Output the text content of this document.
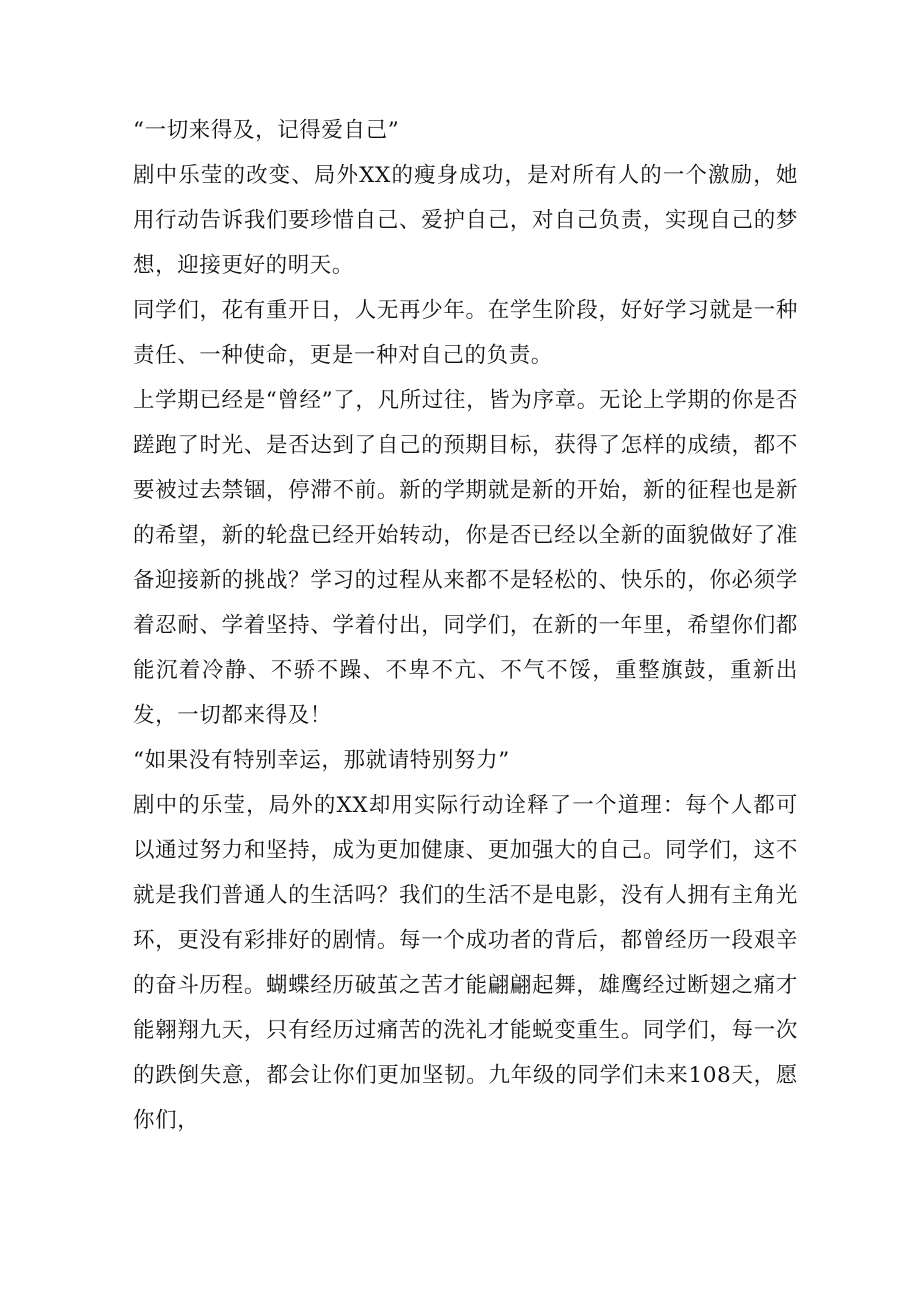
“一切来得及，记得爱自己”

剧中乐莹的改变、局外XX的瘦身成功，是对所有人的一个激励，她用行动告诉我们要珍惜自己、爱护自己，对自己负责，实现自己的梦想，迎接更好的明天。

同学们，花有重开日，人无再少年。在学生阶段，好好学习就是一种责任、一种使命，更是一种对自己的负责。

上学期已经是“曾经”了，凡所过往，皆为序章。无论上学期的你是否蹉跑了时光、是否达到了自己的预期目标，获得了怎样的成绩，都不要被过去禁锢，停滞不前。新的学期就是新的开始，新的征程也是新的希望，新的轮盘已经开始转动，你是否已经以全新的面貌做好了准备迎接新的挑战？学习的过程从来都不是轻松的、快乐的，你必须学着忍耐、学着坚持、学着付出，同学们，在新的一年里，希望你们都能沉着冷静、不骄不躁、不卑不亢、不气不馁，重整旗鼓，重新出发，一切都来得及！

“如果没有特别幸运，那就请特别努力”

剧中的乐莹，局外的XX却用实际行动诠释了一个道理：每个人都可以通过努力和坚持，成为更加健康、更加强大的自己。同学们，这不就是我们普通人的生活吗？我们的生活不是电影，没有人拥有主角光环，更没有彩排好的剧情。每一个成功者的背后，都曾经历一段艰辛的奋斗历程。蝴蝶经历破茧之苦才能翩翩起舞，雄鹰经过断翅之痛才能翱翔九天，只有经历过痛苦的洗礼才能蜕变重生。同学们，每一次的跌倒失意，都会让你们更加坚韧。九年级的同学们未来108天，愿你们，
